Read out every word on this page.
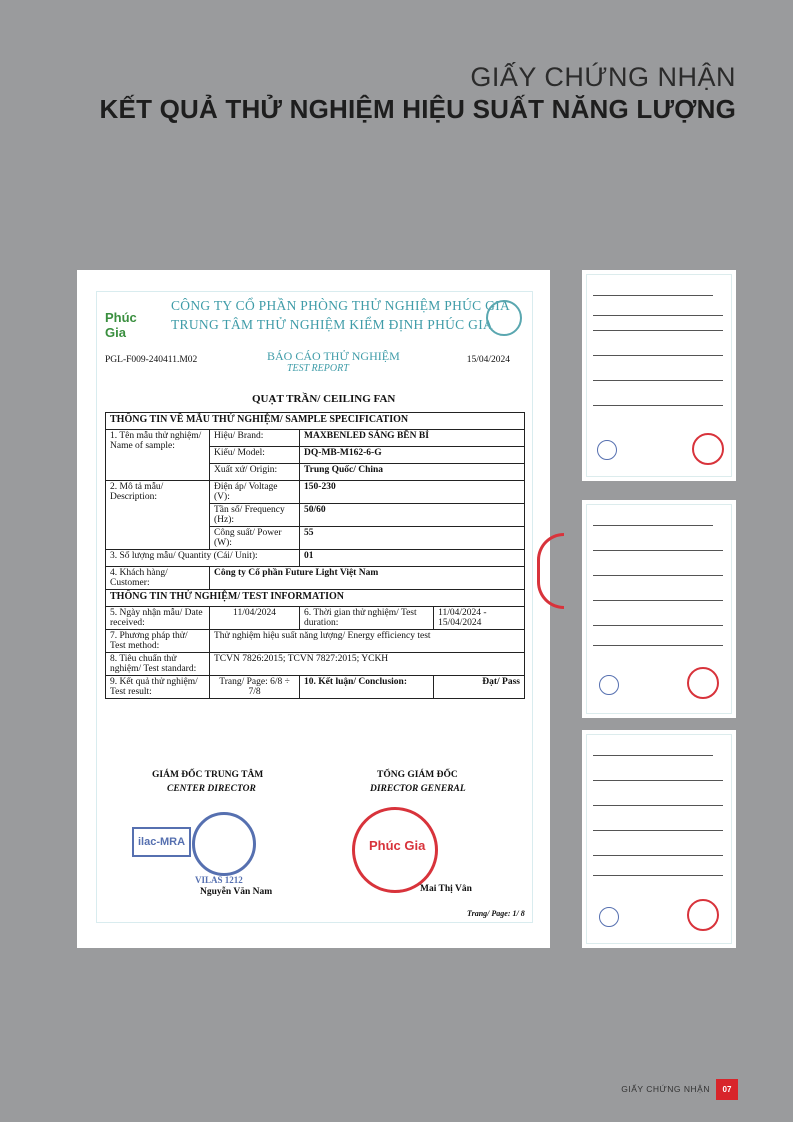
GIẤY CHỨNG NHẬN
KẾT QUẢ THỬ NGHIỆM HIỆU SUẤT NĂNG LƯỢNG
Phúc Gia
CÔNG TY CỔ PHẦN PHÒNG THỬ NGHIỆM PHÚC GIA
TRUNG TÂM THỬ NGHIỆM KIỂM ĐỊNH PHÚC GIA
PGL-F009-240411.M02	BÁO CÁO THỬ NGHIỆM
TEST REPORT
15/04/2024
QUẠT TRẦN/ CEILING FAN
THÔNG TIN VỀ MẪU THỬ NGHIỆM/ SAMPLE SPECIFICATION			
1. Tên mẫu thử nghiệm/ Name of sample:	Hiệu/ Brand:	MAXBENLED SÁNG BÊN BỈ	
	Kiểu/ Model:	DQ-MB-M162-6-G	
	Xuất xứ/ Origin:	Trung Quốc/ China	
2. Mô tả mẫu/ Description:	Điện áp/ Voltage (V):	150-230	
	Tần số/ Frequency (Hz):	50/60	
	Công suất/ Power (W):	55	
3. Số lượng mẫu/ Quantity (Cái/ Unit):		01	
4. Khách hàng/ Customer:	Công ty Cổ phần Future Light Việt Nam		
THÔNG TIN THỬ NGHIỆM/ TEST INFORMATION			
5. Ngày nhận mẫu/ Date received:	11/04/2024	6. Thời gian thử nghiệm/ Test duration:	11/04/2024 - 15/04/2024
7. Phương pháp thử/ Test method:	Thử nghiệm hiệu suất năng lượng/ Energy efficiency test		
8. Tiêu chuẩn thử nghiệm/ Test standard:	TCVN 7826:2015; TCVN 7827:2015; YCKH		
9. Kết quả thử nghiệm/ Test result:	Trang/ Page: 6/8 ÷ 7/8	10. Kết luận/ Conclusion:	Đạt/ Pass
GIÁM ĐỐC TRUNG TÂM
CENTER DIRECTOR
TỔNG GIÁM ĐỐC
DIRECTOR GENERAL
ilac-MRA
VILAS 1212
Phúc Gia
Nguyễn Văn Nam	Mai Thị Vân
Trang/ Page: 1/ 8
GIẤY CHỨNG NHẬN	07
